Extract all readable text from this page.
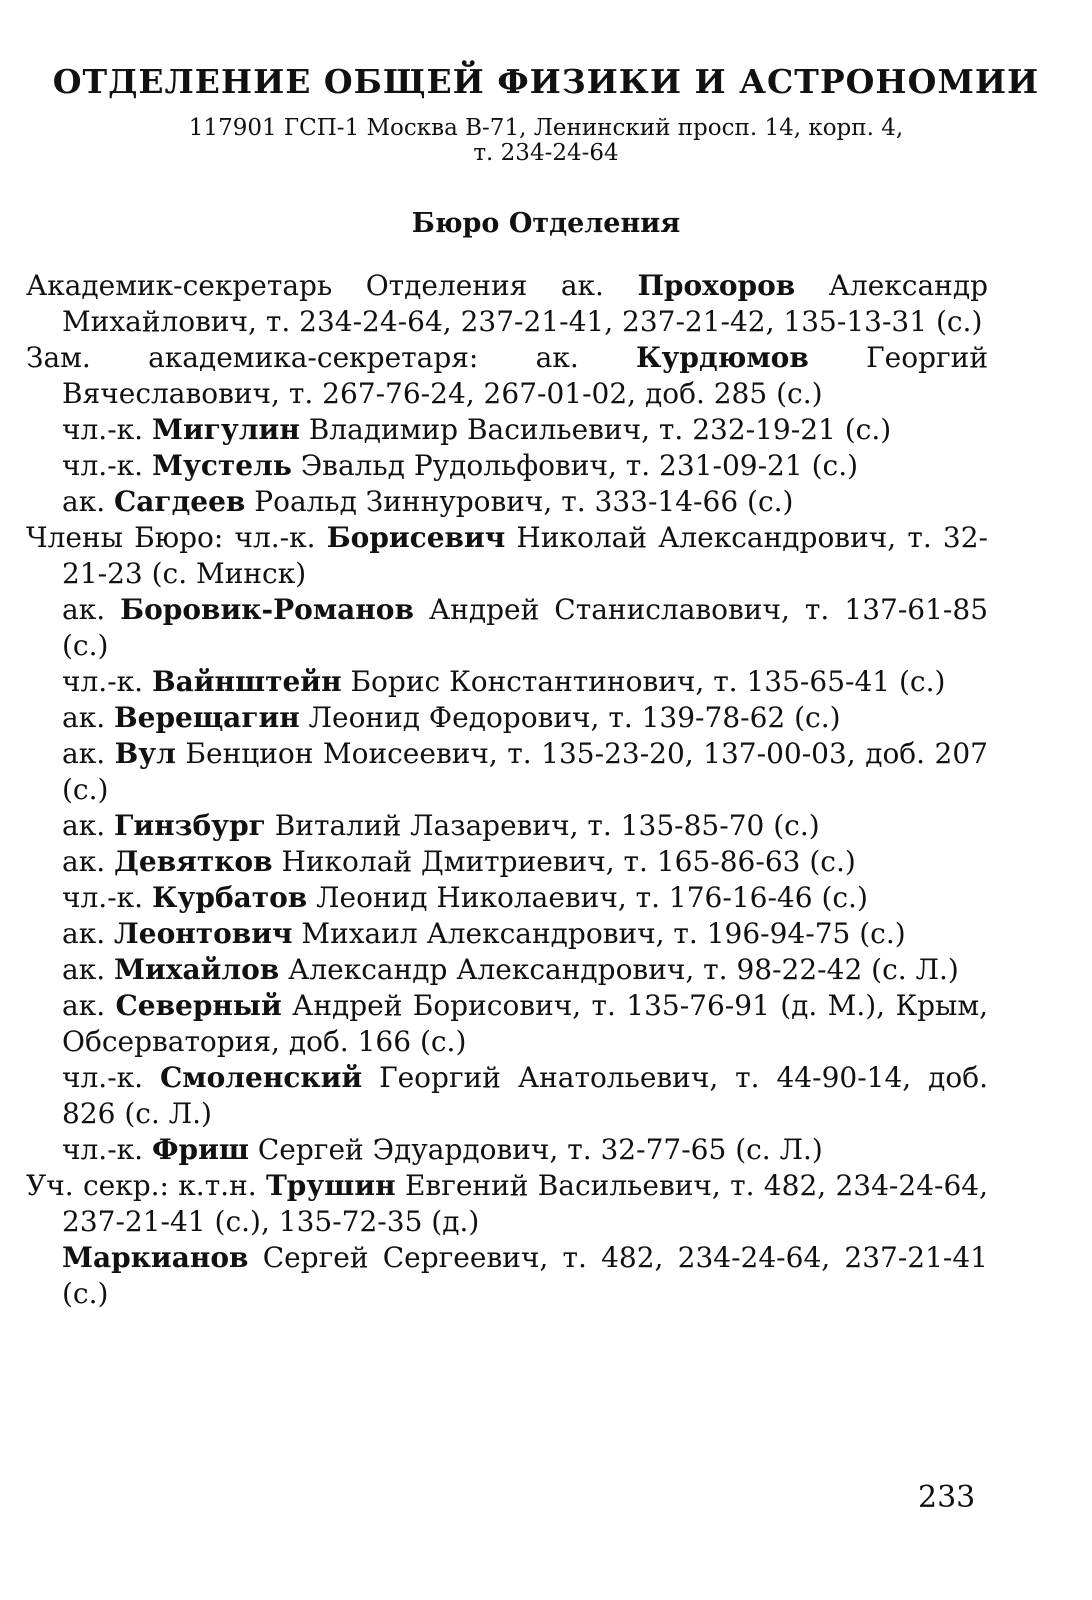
ОТДЕЛЕНИЕ ОБЩЕЙ ФИЗИКИ И АСТРОНОМИИ
117901 ГСП-1 Москва В-71, Ленинский просп. 14, корп. 4,
т. 234-24-64
Бюро Отделения

Академик-секретарь Отделения ак. Прохоров Александр Михайлович, т. 234-24-64, 237-21-41, 237-21-42, 135-13-31 (с.)

Зам. академика-секретаря: ак. Курдюмов Георгий Вячеславович, т. 267-76-24, 267-01-02, доб. 285 (с.)

чл.-к. Мигулин Владимир Васильевич, т. 232-19-21 (с.)

чл.-к. Мустель Эвальд Рудольфович, т. 231-09-21 (с.)

ак. Сагдеев Роальд Зиннурович, т. 333-14-66 (с.)

Члены Бюро: чл.-к. Борисевич Николай Александрович, т. 32-21-23 (с. Минск)

ак. Боровик-Романов Андрей Станиславович, т. 137-61-85 (с.)

чл.-к. Вайнштейн Борис Константинович, т. 135-65-41 (с.)

ак. Верещагин Леонид Федорович, т. 139-78-62 (с.)

ак. Вул Бенцион Моисеевич, т. 135-23-20, 137-00-03, доб. 207 (с.)

ак. Гинзбург Виталий Лазаревич, т. 135-85-70 (с.)

ак. Девятков Николай Дмитриевич, т. 165-86-63 (с.)

чл.-к. Курбатов Леонид Николаевич, т. 176-16-46 (с.)

ак. Леонтович Михаил Александрович, т. 196-94-75 (с.)

ак. Михайлов Александр Александрович, т. 98-22-42 (с. Л.)

ак. Северный Андрей Борисович, т. 135-76-91 (д. М.), Крым, Обсерватория, доб. 166 (с.)

чл.-к. Смоленский Георгий Анатольевич, т. 44-90-14, доб. 826 (с. Л.)

чл.-к. Фриш Сергей Эдуардович, т. 32-77-65 (с. Л.)

Уч. секр.: к.т.н. Трушин Евгений Васильевич, т. 482, 234-24-64, 237-21-41 (с.), 135-72-35 (д.)

Маркианов Сергей Сергеевич, т. 482, 234-24-64, 237-21-41 (с.)

233
